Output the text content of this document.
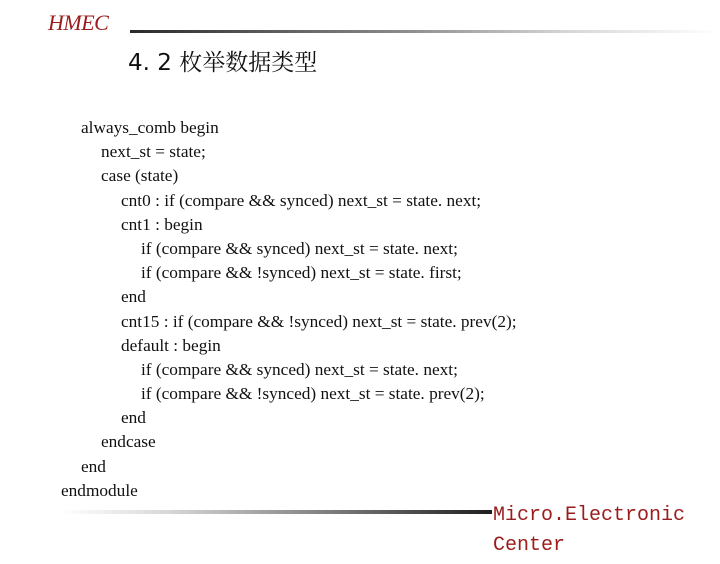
HMEC
4. 2 枚举数据类型
always_comb begin
next_st = state;
case (state)
cnt0 : if (compare && synced) next_st = state. next;
cnt1 : begin
if (compare && synced) next_st = state. next;
if (compare && !synced) next_st = state. first;
end
cnt15 : if (compare && !synced) next_st = state. prev(2);
default : begin
if (compare && synced) next_st = state. next;
if (compare && !synced) next_st = state. prev(2);
end
endcase
end
endmodule
Micro.Electronic
Center
